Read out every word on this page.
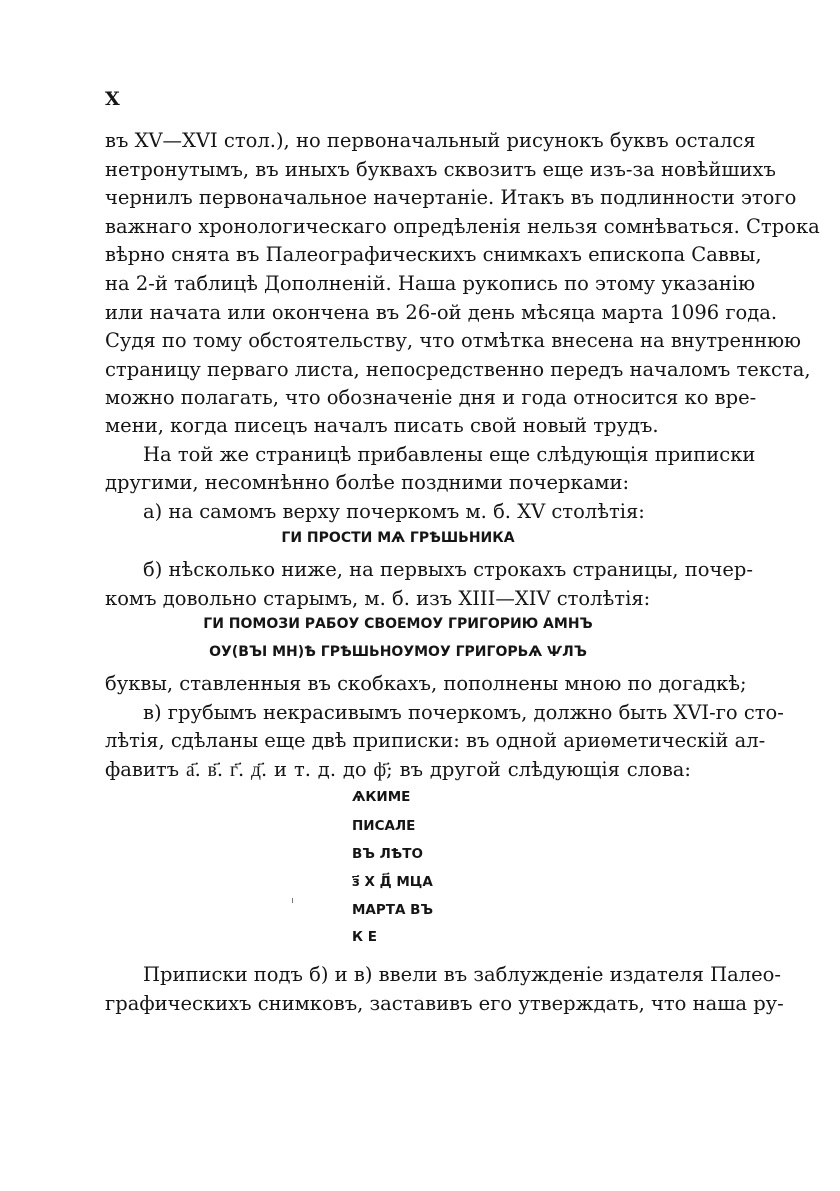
X
въ XV—XVI стол.), но первоначальный рисунокъ буквъ остался
нетронутымъ, въ иныхъ буквахъ сквозитъ еще изъ-за новѣйшихъ
чернилъ первоначальное начертаніе. Итакъ въ подлинности этого
важнаго хронологическаго опредѣленія нельзя сомнѣваться. Строка
вѣрно снята въ Палеографическихъ снимкахъ епископа Саввы,
на 2-й таблицѣ Дополненій. Наша рукопись по этому указанію
или начата или окончена въ 26-ой день мѣсяца марта 1096 года.
Судя по тому обстоятельству, что отмѣтка внесена на внутреннюю
страницу перваго листа, непосредственно передъ началомъ текста,
можно полагать, что обозначеніе дня и года относится ко вре-
мени, когда писецъ началъ писать свой новый трудъ.
На той же страницѣ прибавлены еще слѣдующія приписки
другими, несомнѣнно болѣе поздними почерками:
а) на самомъ верху почеркомъ м. б. XV столѣтія:
ГИ ПРОСТИ МѦ ГРѢШЬНИКА
б) нѣсколько ниже, на первыхъ строкахъ страницы, почер-
комъ довольно старымъ, м. б. изъ XIII—XIV столѣтія:
ГИ ПОМОЗИ РАБОУ СВОЕМОУ ГРИГОРИЮ АМНЪ
ОУ(ВЪІ МН)Ѣ ГРѢШЬНОУМОУ ГРИГОРЬѦ ѰЛЪ
буквы, ставленныя въ скобкахъ, пополнены мною по догадкѣ;
в) грубымъ некрасивымъ почеркомъ, должно быть XVI-го сто-
лѣтія, сдѣланы еще двѣ приписки: въ одной ариѳметическій ал-
фавитъ а҃. в҃. г҃. д҃. и т. д. до ф҃; въ другой слѣдующія слова:
ѦКИМЕ
ПИСАЛЕ
ВЪ ЛѢТО
з҃ Х Д҃ МЦА
МАРТА ВЪ
К Е
Приписки подъ б) и в) ввели въ заблужденіе издателя Палео-
графическихъ снимковъ, заставивъ его утверждать, что наша ру-
